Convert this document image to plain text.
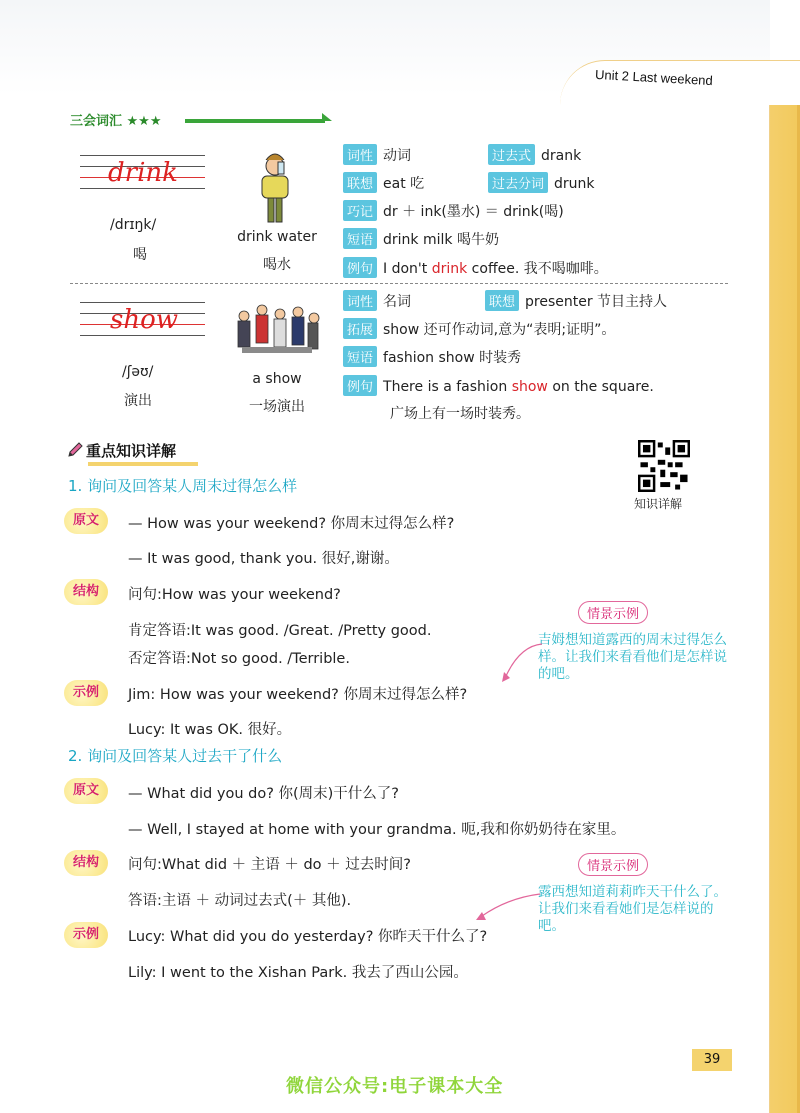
Unit 2 Last weekend
三会词汇 ★★★
drink
/drɪŋk/
喝
drink water
喝水
词性 动词	过去式 drank
联想 eat 吃	过去分词 drunk
巧记 dr ＋ ink(墨水) ＝ drink(喝)
短语 drink milk 喝牛奶
例句 I don't drink coffee. 我不喝咖啡。
show
/ʃəʊ/
演出
a show
一场演出
词性 名词	联想 presenter 节目主持人
拓展 show 还可作动词,意为“表明;证明”。
短语 fashion show 时装秀
例句 There is a fashion show on the square.
广场上有一场时装秀。
重点知识详解
知识详解
1. 询问及回答某人周末过得怎么样
原文	— How was your weekend? 你周末过得怎么样?
— It was good, thank you. 很好,谢谢。
结构	问句:How was your weekend?
肯定答语:It was good. /Great. /Pretty good.
否定答语:Not so good. /Terrible.
示例	Jim: How was your weekend? 你周末过得怎么样?
Lucy: It was OK. 很好。
情景示例
吉姆想知道露西的周末过得怎么样。让我们来看看他们是怎样说的吧。
2. 询问及回答某人过去干了什么
原文	— What did you do? 你(周末)干什么了?
— Well, I stayed at home with your grandma. 呃,我和你奶奶待在家里。
结构	问句:What did ＋ 主语 ＋ do ＋ 过去时间?
答语:主语 ＋ 动词过去式(＋ 其他).
示例	Lucy: What did you do yesterday? 你昨天干什么了?
Lily: I went to the Xishan Park. 我去了西山公园。
情景示例
露西想知道莉莉昨天干什么了。让我们来看看她们是怎样说的吧。
39
微信公众号:电子课本大全
